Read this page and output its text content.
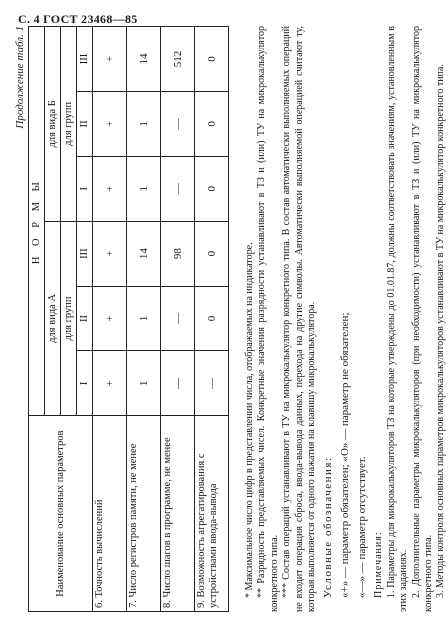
С. 4 ГОСТ 23468—85
Продолжение табл. 1
Наименование основных параметров	Н О Р М Ы					
	для вида А			для вида Б		
	для групп			для групп		
	I	II	III	I	II	III
6. Точность вычислений	+	+	+	+	+	+
7. Число регистров памяти, не менее	1	1	14	1	1	14
8. Число шагов в программе, не менее	—	—	98	—	—	512
9. Возможность агрегатирования с устройствами ввода-вывода	—	0	0	0	0	0

* Максимальное число цифр в представлении числа, отображаемых на индикаторе. ** Разрядность представляемых чисел. Конкретные значения разрядности устанавливают в ТЗ и (или) ТУ на микрокалькулятор конкретного типа. *** Состав операций устанавливают в ТУ на микрокалькулятор конкретного типа. В состав автоматически выполняемых операций не входит операция сброса, ввода-вывода данных, перехода на другие символы. Автоматически выполняемой операцией считают ту, которая выполняется от одного нажатия на клавишу микрокалькулятора. Условные обозначения: «+» — параметр обязателен; «О» — параметр не обязателен; «—» — параметр отсутствует. Примечания: 1. Параметры для микрокалькуляторов ТЗ на которые утверждены до 01.01.87, должны соответствовать значениям, установленным в этих заданиях. 2. Дополнительные параметры микрокалькуляторов (при необходимости) устанавливают в ТЗ и (или) ТУ на микрокалькулятор конкретного типа. 3. Методы контроля основных параметров микрокалькуляторов устанавливают в ТУ на микрокалькулятор конкретного типа.
